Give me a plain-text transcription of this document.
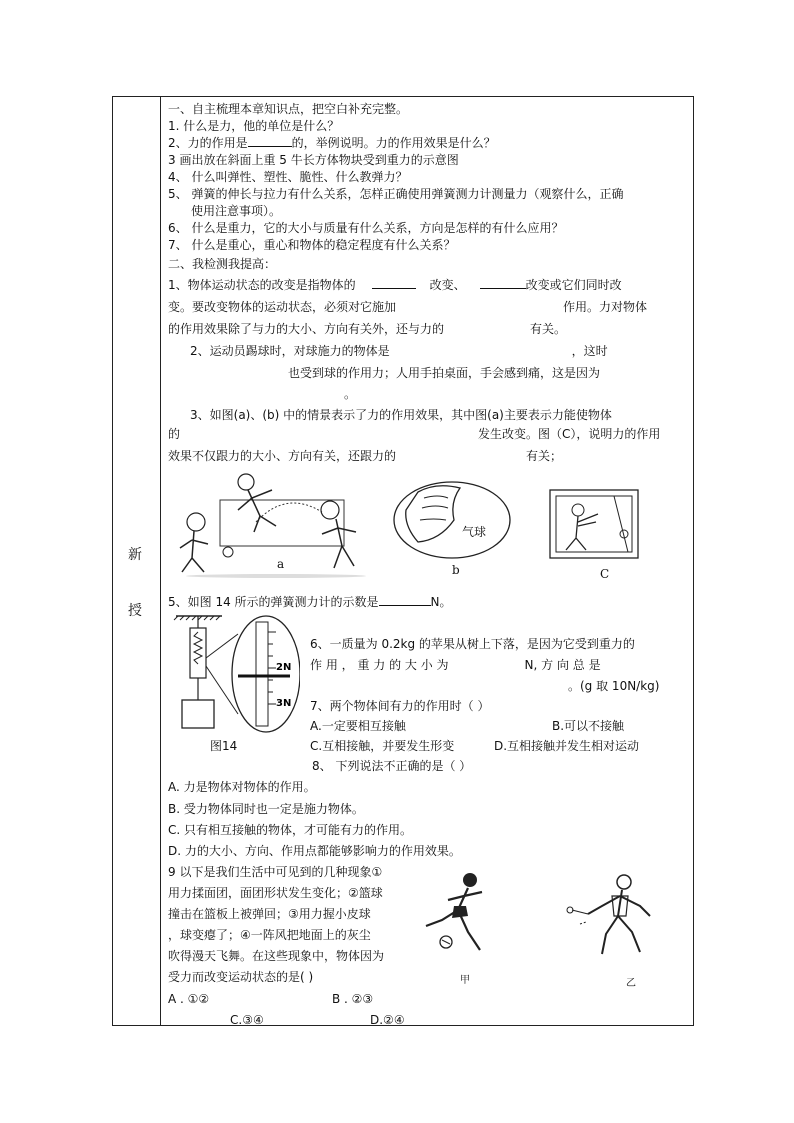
新
授
一、自主梳理本章知识点，把空白补充完整。
1. 什么是力，他的单位是什么？
2、力的作用是	的，举例说明。力的作用效果是什么？
3 画出放在斜面上重 5 牛长方体物块受到重力的示意图
4、 什么叫弹性、塑性、脆性、什么教弹力？
5、 弹簧的伸长与拉力有什么关系，怎样正确使用弹簧测力计测量力（观察什么，正确
使用注意事项）。
6、 什么是重力，它的大小与质量有什么关系，方向是怎样的有什么应用？
7、 什么是重心，重心和物体的稳定程度有什么关系？
二、我检测我提高：
1、物体运动状态的改变是指物体的	改变、	改变或它们同时改
变。要改变物体的运动状态，必须对它施加	作用。力对物体
的作用效果除了与力的大小、方向有关外，还与力的	有关。
2、运动员踢球时，对球施力的物体是	，这时
也受到球的作用力；人用手拍桌面，手会感到痛，这是因为
。
3、如图(a)、(b) 中的情景表示了力的作用效果，其中图(a)主要表示力能使物体
的	发生改变。图（C），说明力的作用
效果不仅跟力的大小、方向有关，还跟力的	有关；
a
气球
b	C
5、如图 14 所示的弹簧测力计的示数是	N。
2N
3N
图14
6、一质量为 0.2kg 的苹果从树上下落，是因为它受到重力的
作 用 ， 重 力 的 大 小 为	N, 方 向 总 是
。(g 取 10N/kg)
7、两个物体间有力的作用时（ ）
A.一定要相互接触	B.可以不接触
C.互相接触，并要发生形变	D.互相接触并发生相对运动
8、 下列说法不正确的是（ ）
A. 力是物体对物体的作用。
B. 受力物体同时也一定是施力物体。
C. 只有相互接触的物体，才可能有力的作用。
D. 力的大小、方向、作用点都能够影响力的作用效果。
9 以下是我们生活中可见到的几种现象①
用力揉面团，面团形状发生变化；②篮球
撞击在篮板上被弹回；③用力握小皮球
，球变瘪了；④一阵风把地面上的灰尘
吹得漫天飞舞。在这些现象中，物体因为
受力而改变运动状态的是( )
A . ①②	B . ②③
C.③④	D.②④
甲	乙
